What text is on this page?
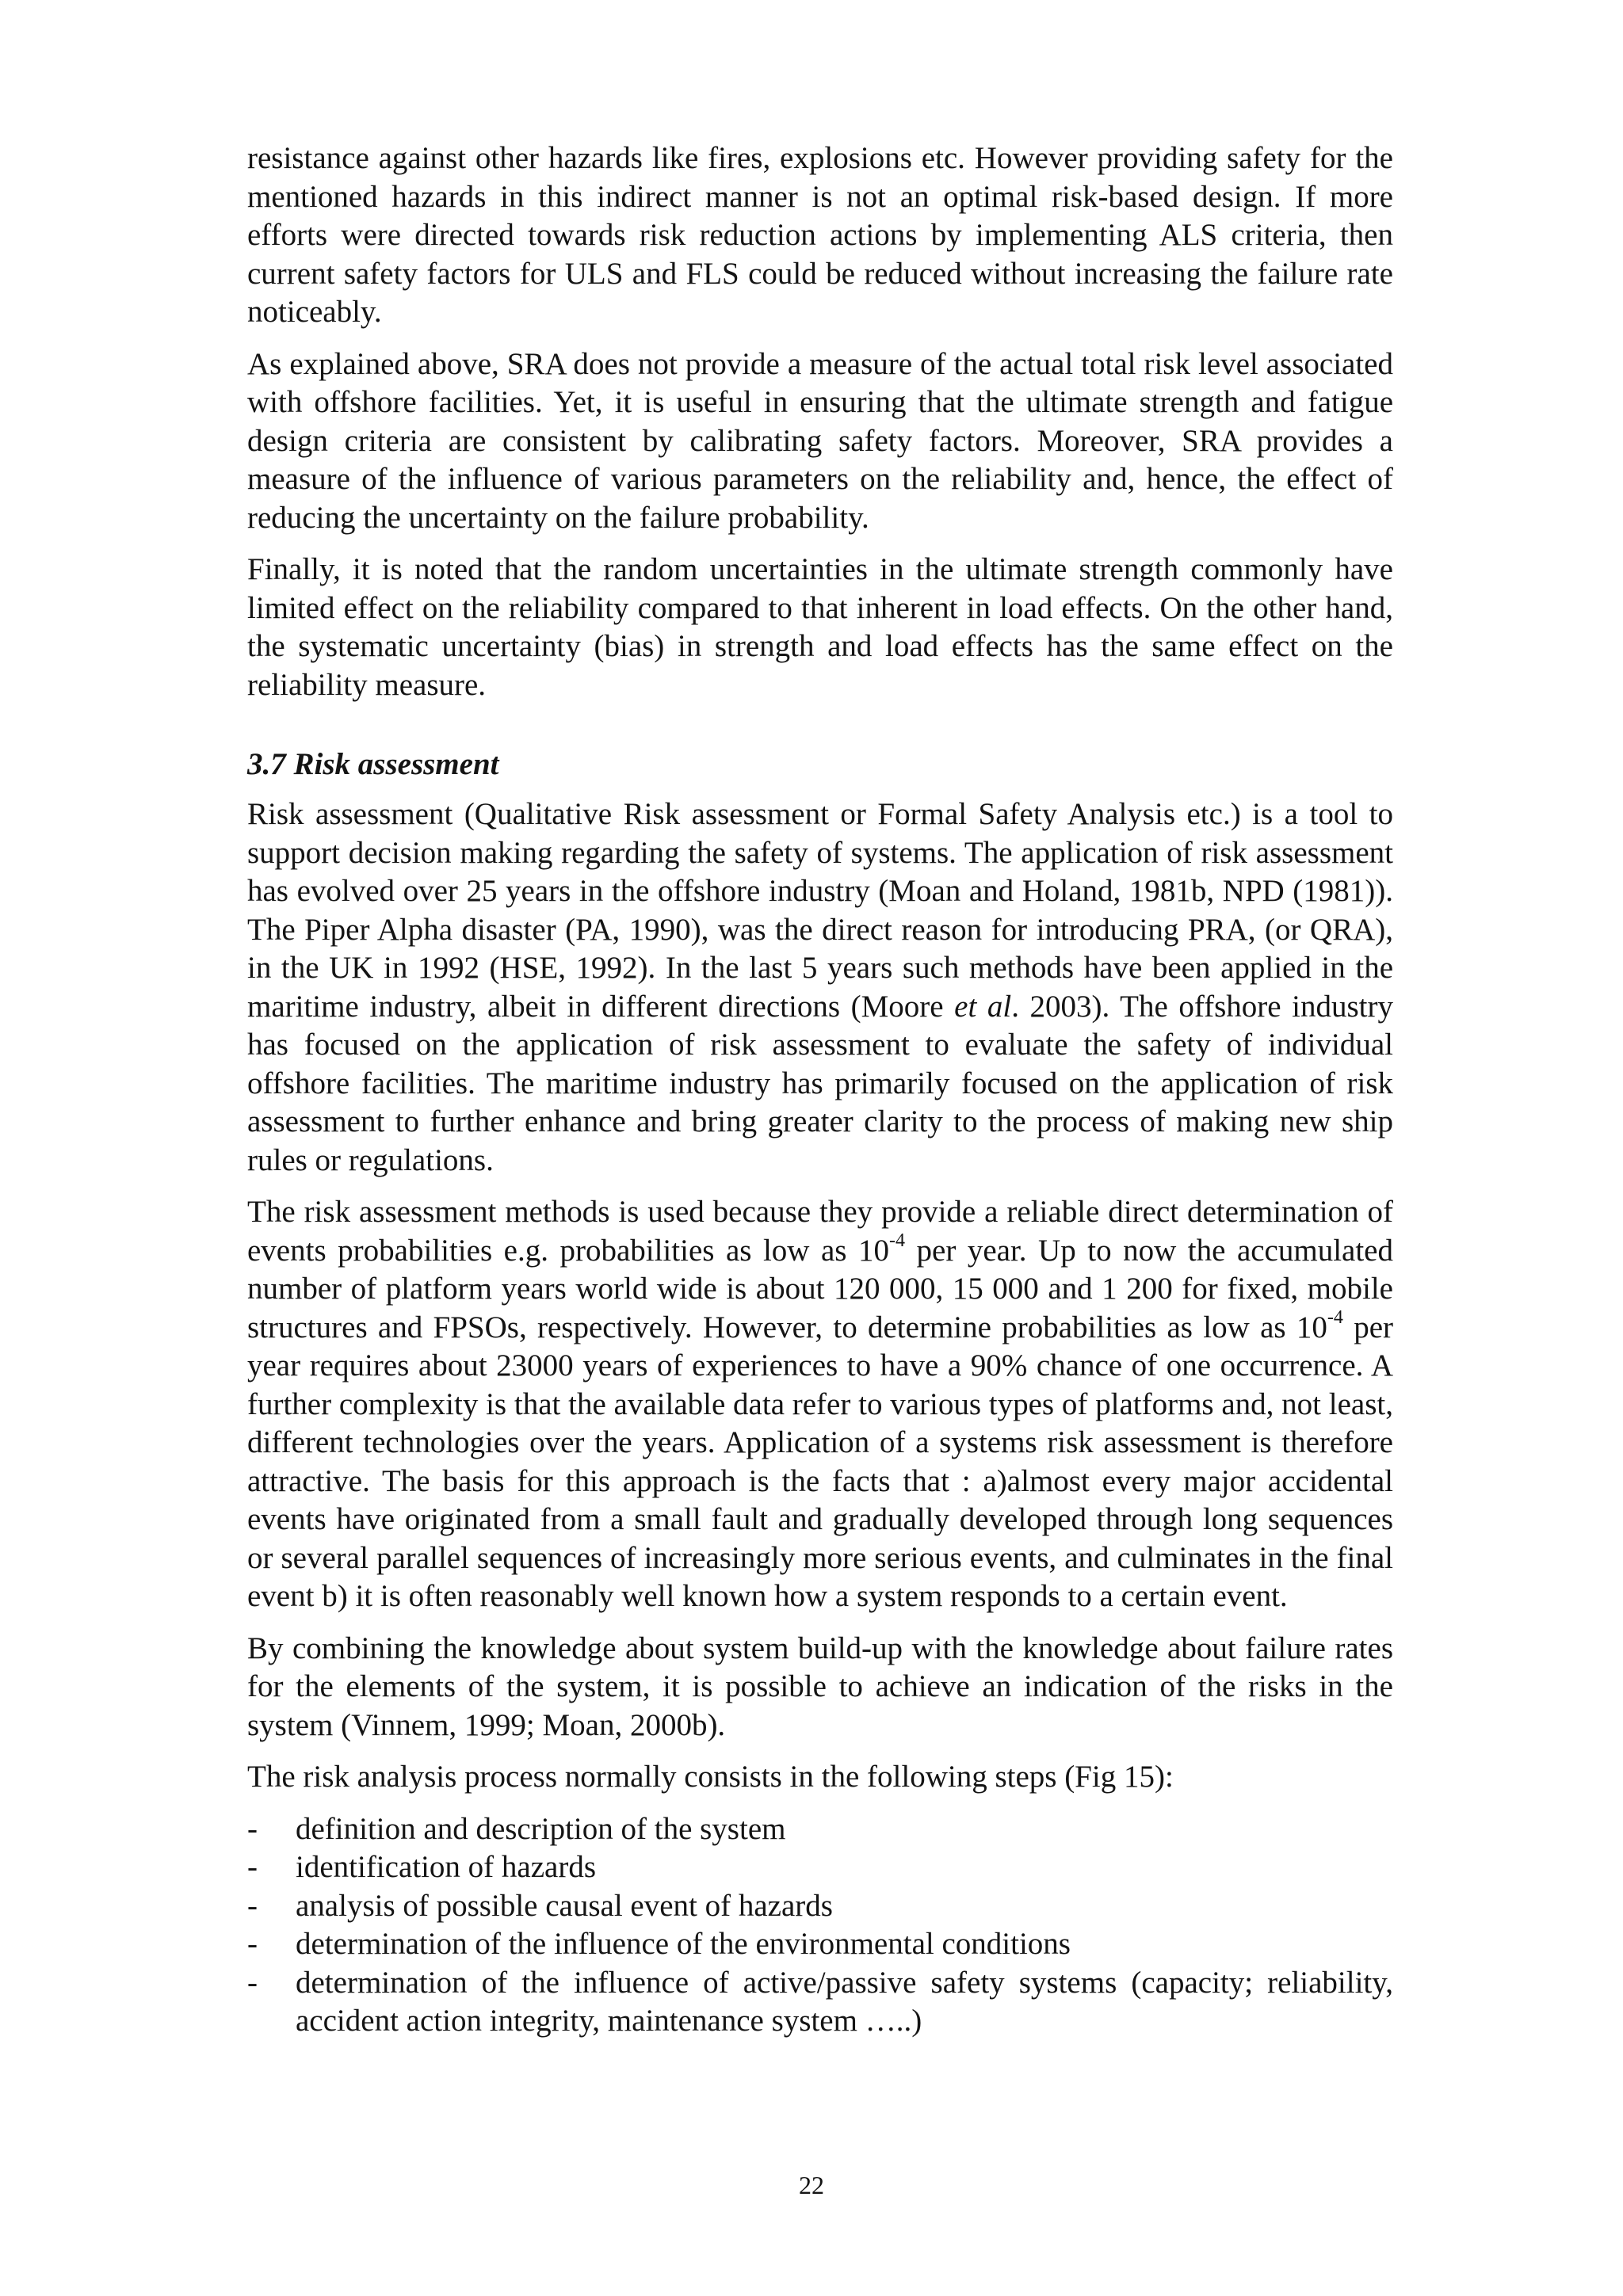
resistance against other hazards like fires, explosions etc. However providing safety for the mentioned hazards in this indirect manner is not an optimal risk-based design. If more efforts were directed towards risk reduction actions by implementing ALS criteria, then current safety factors for ULS and FLS could be reduced without increasing the failure rate noticeably.

As explained above, SRA does not provide a measure of the actual total risk level associated with offshore facilities. Yet, it is useful in ensuring that the ultimate strength and fatigue design criteria are consistent by calibrating safety factors. Moreover, SRA provides a measure of the influence of various parameters on the reliability and, hence, the effect of reducing the uncertainty on the failure probability.

Finally, it is noted that the random uncertainties in the ultimate strength commonly have limited effect on the reliability compared to that inherent in load effects. On the other hand, the systematic uncertainty (bias) in strength and load effects has the same effect on the reliability measure.

3.7 Risk assessment

Risk assessment (Qualitative Risk assessment or Formal Safety Analysis etc.) is a tool to support decision making regarding the safety of systems. The application of risk assessment has evolved over 25 years in the offshore industry (Moan and Holand, 1981b, NPD (1981)). The Piper Alpha disaster (PA, 1990), was the direct reason for introducing PRA, (or QRA), in the UK in 1992 (HSE, 1992). In the last 5 years such methods have been applied in the maritime industry, albeit in different directions (Moore et al. 2003). The offshore industry has focused on the application of risk assessment to evaluate the safety of individual offshore facilities. The maritime industry has primarily focused on the application of risk assessment to further enhance and bring greater clarity to the process of making new ship rules or regulations.

The risk assessment methods is used because they provide a reliable direct determination of events probabilities e.g. probabilities as low as $10^{-4}$ per year. Up to now the accumulated number of platform years world wide is about 120 000, 15 000 and 1 200 for fixed, mobile structures and FPSOs, respectively. However, to determine probabilities as low as $10^{-4}$ per year requires about 23000 years of experiences to have a 90% chance of one occurrence. A further complexity is that the available data refer to various types of platforms and, not least, different technologies over the years. Application of a systems risk assessment is therefore attractive. The basis for this approach is the facts that : a)almost every major accidental events have originated from a small fault and gradually developed through long sequences or several parallel sequences of increasingly more serious events, and culminates in the final event b) it is often reasonably well known how a system responds to a certain event.

By combining the knowledge about system build-up with the knowledge about failure rates for the elements of the system, it is possible to achieve an indication of the risks in the system (Vinnem, 1999; Moan, 2000b).

The risk analysis process normally consists in the following steps (Fig 15):

- definition and description of the system
- identification of hazards
- analysis of possible causal event of hazards
- determination of the influence of the environmental conditions
- determination of the influence of active/passive safety systems (capacity; reliability, accident action integrity, maintenance system …..)
22
